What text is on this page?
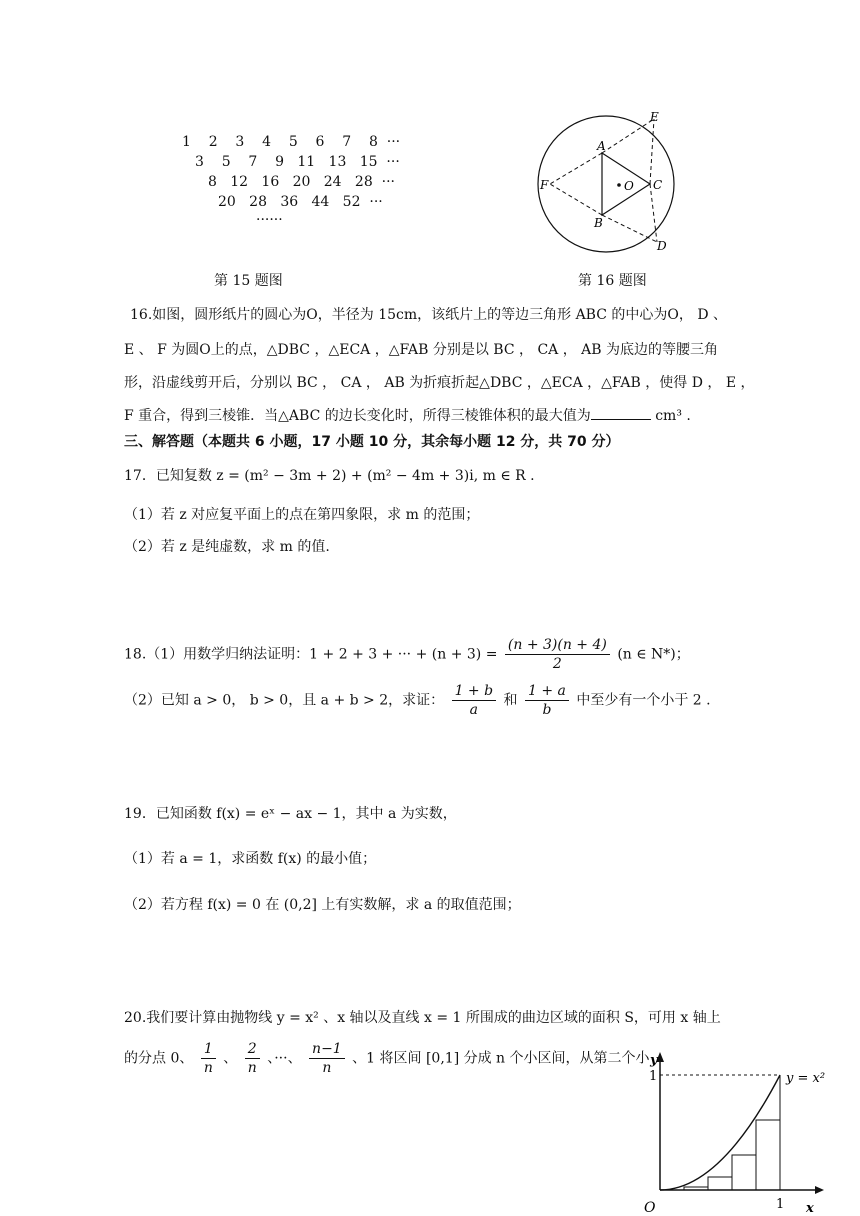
1    2    3    4    5    6    7    8  ···
3    5    7    9   11   13   15  ···
8   12   16   20   24   28  ···
20   28   36   44   52  ···
······
第 15 题图
A
B
C
D
E
F	O
第 16 题图
16.如图，圆形纸片的圆心为O，半径为 15cm，该纸片上的等边三角形 ABC 的中心为O， D 、
E 、 F 为圆O上的点，△DBC ，△ECA ，△FAB 分别是以 BC ， CA ， AB 为底边的等腰三角
形，沿虚线剪开后，分别以 BC ， CA ， AB 为折痕折起△DBC ，△ECA ，△FAB ，使得 D ， E ，
F 重合，得到三棱锥．当△ABC 的边长变化时，所得三棱锥体积的最大值为	cm³ .
三、解答题（本题共 6 小题，17 小题 10 分，其余每小题 12 分，共 70 分）
17．已知复数 z = (m² − 3m + 2) + (m² − 4m + 3)i, m ∈ R .
（1）若 z 对应复平面上的点在第四象限，求 m 的范围；
（2）若 z 是纯虚数，求 m 的值.
18.（1）用数学归纳法证明：1 + 2 + 3 + ··· + $(n + 3) = \frac{(n + 3)(n + 4)}{2} (n$ ∈ N*)；
（2）已知 a > 0， b > 0，且 a + b > 2，求证： $\frac{1 + b}{a}$ 和 $\frac{1 + a}{b}$ 中至少有一个小于 2 .
19．已知函数 f(x) = eˣ − ax − 1，其中 a 为实数，
（1）若 a = 1，求函数 f(x) 的最小值；
（2）若方程 f(x) = 0 在 (0,2] 上有实数解，求 a 的取值范围；
20.我们要计算由抛物线 y = x² 、x 轴以及直线 x = 1 所围成的曲边区域的面积 S，可用 x 轴上
的分点 0、 $\frac{1}{n}$ 、 $\frac{2}{n}$ 、···、 $\frac{n-1}{n}$ 、1 将区间 [0,1] 分成 n 个小区间，从第二个小 y
1
O	1 x
y = x²
